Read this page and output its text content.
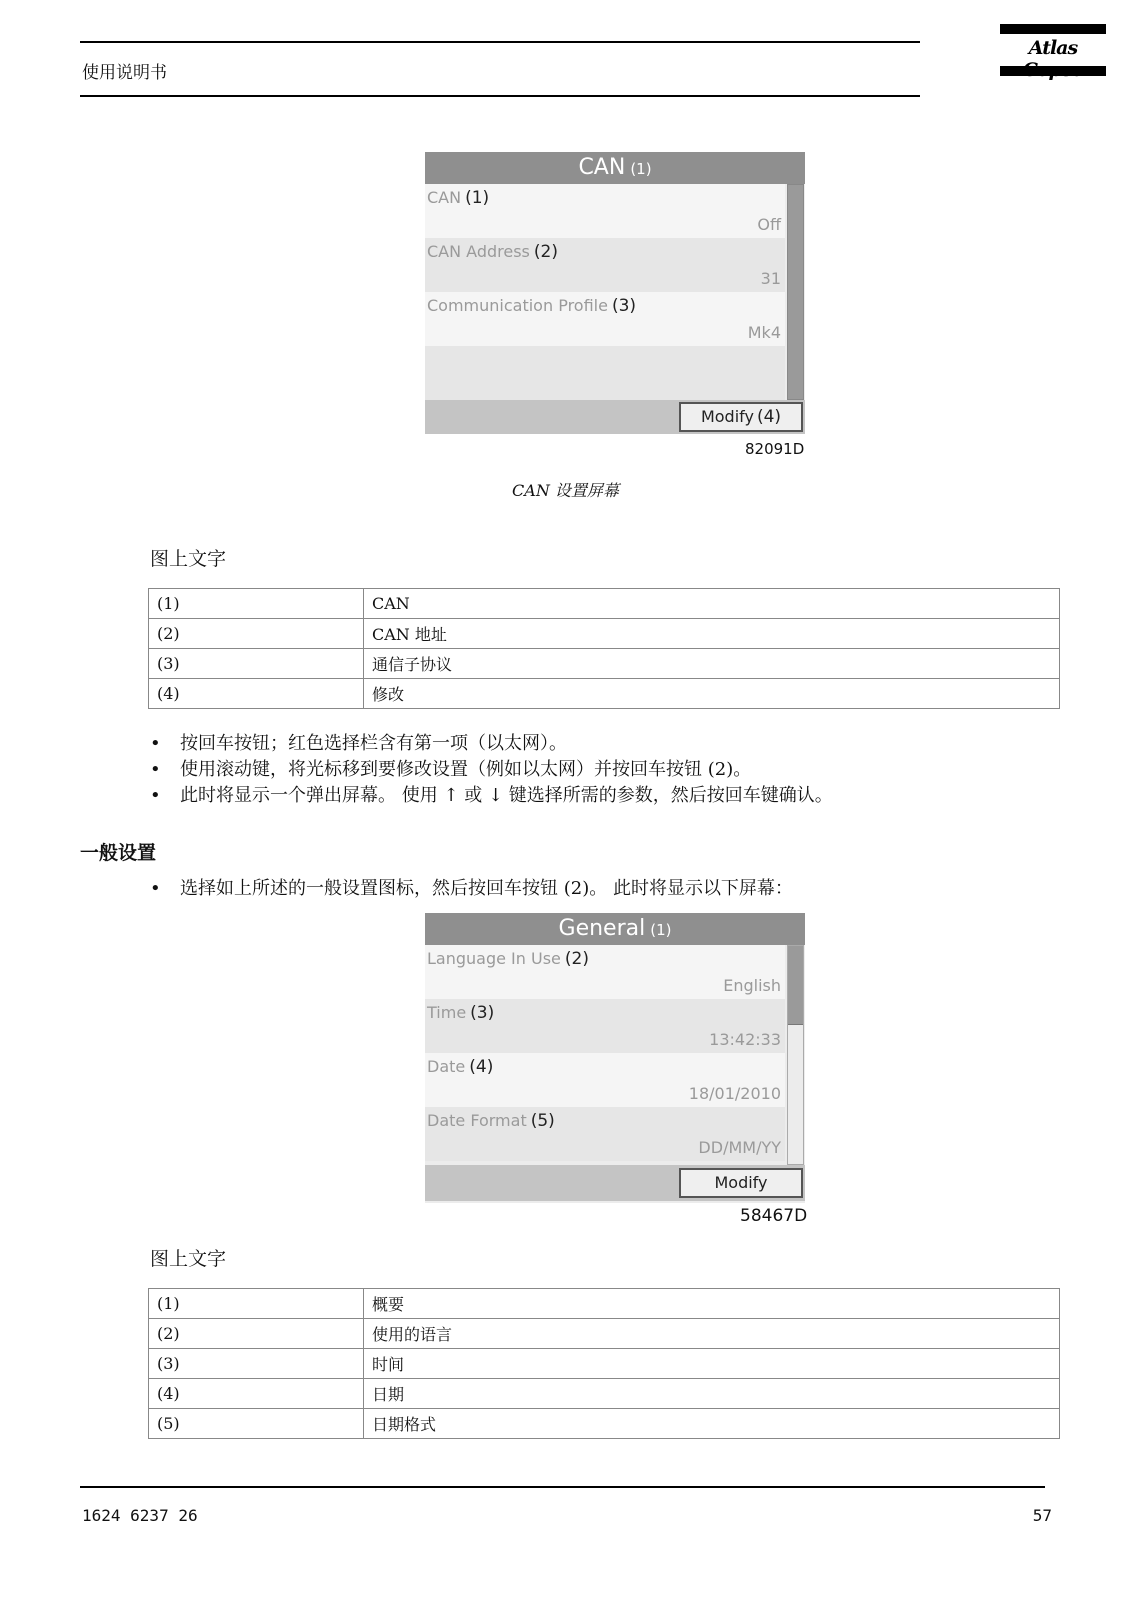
使用说明书
Atlas
CAN (1)
CAN (1)
Off
CAN Address (2)
31
Communication Profile (3)
Mk4
Modify (4)
82091D
CAN 设置屏幕
图上文字
(1)	CAN
(2)	CAN 地址
(3)	通信子协议
(4)	修改
• 按回车按钮；红色选择栏含有第一项（以太网）。
• 使用滚动键，将光标移到要修改设置（例如以太网）并按回车按钮 (2)。
• 此时将显示一个弹出屏幕。 使用 ↑ 或 ↓ 键选择所需的参数，然后按回车键确认。
一般设置
• 选择如上所述的一般设置图标，然后按回车按钮 (2)。 此时将显示以下屏幕：
General (1)
Language In Use (2)
English
Time (3)
13:42:33
Date (4)
18/01/2010
Date Format (5)
DD/MM/YY
Modify
58467D
图上文字
(1)	概要
(2)	使用的语言
(3)	时间
(4)	日期
(5)	日期格式
1624 6237 26	57
